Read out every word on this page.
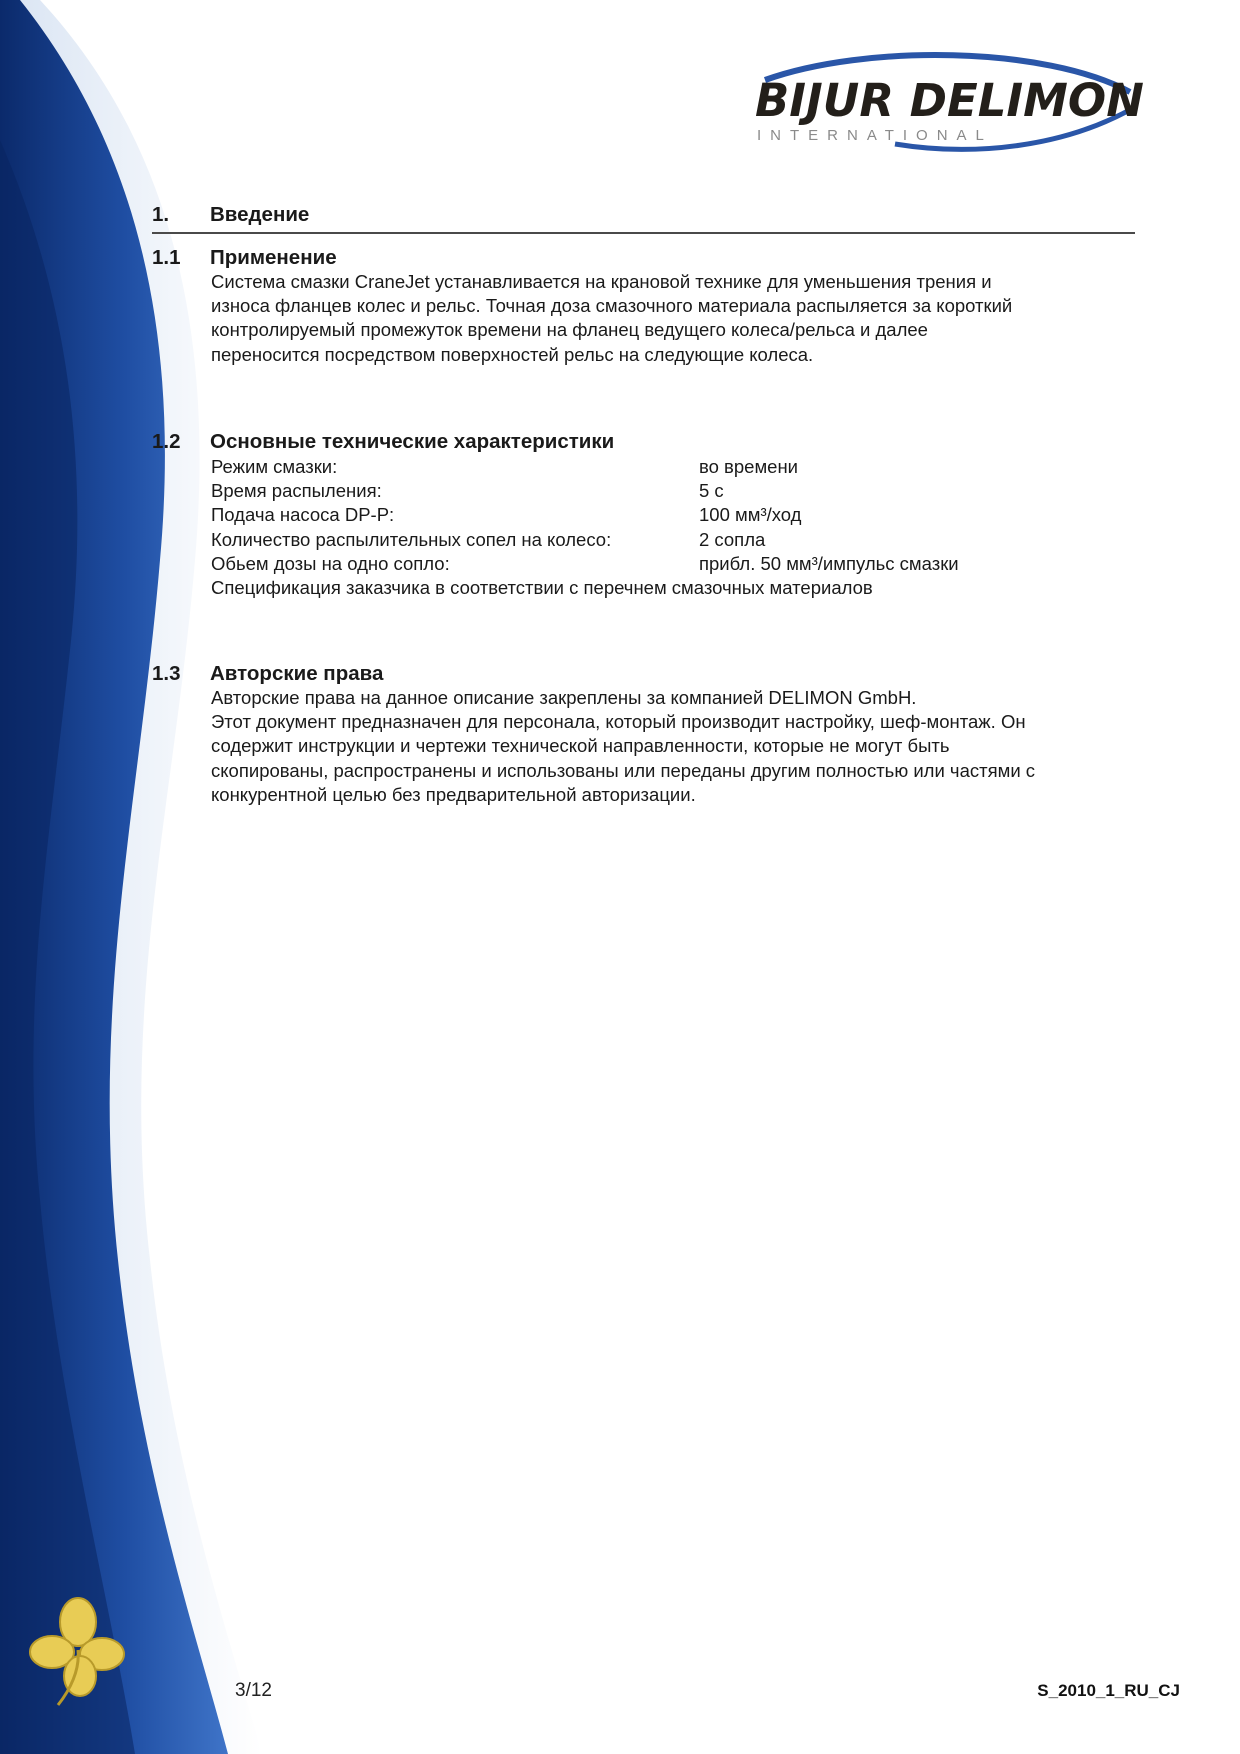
BIJUR DELIMON
INTERNATIONAL
1. Введение
1.1 Применение

Система смазки CraneJet устанавливается на крановой технике для уменьшения трения и

износа фланцев колес и рельс. Точная доза смазочного материала распыляется за короткий

контролируемый промежуток времени на фланец ведущего колеса/рельса и далее

переносится посредством поверхностей рельс на следующие колеса.

1.2 Основные технические характеристики
Режим смазки:	во времени
Время распыления:	5 с
Подача насоса DP-P:	100 мм³/ход
Количество распылительных сопел на колесо:	2 сопла
Обьем дозы на одно сопло:	прибл. 50 мм³/импульс смазки
Спецификация заказчика в соответствии с перечнем смазочных материалов
1.3 Авторские права

Авторские права на данное описание закреплены за компанией DELIMON GmbH.

Этот документ предназначен для персонала, который производит настройку, шеф-монтаж. Он

содержит инструкции и чертежи технической направленности, которые не могут быть

скопированы, распространены и использованы или переданы другим полностью или частями с

конкурентной целью без предварительной авторизации.

3/12	S_2010_1_RU_CJ
